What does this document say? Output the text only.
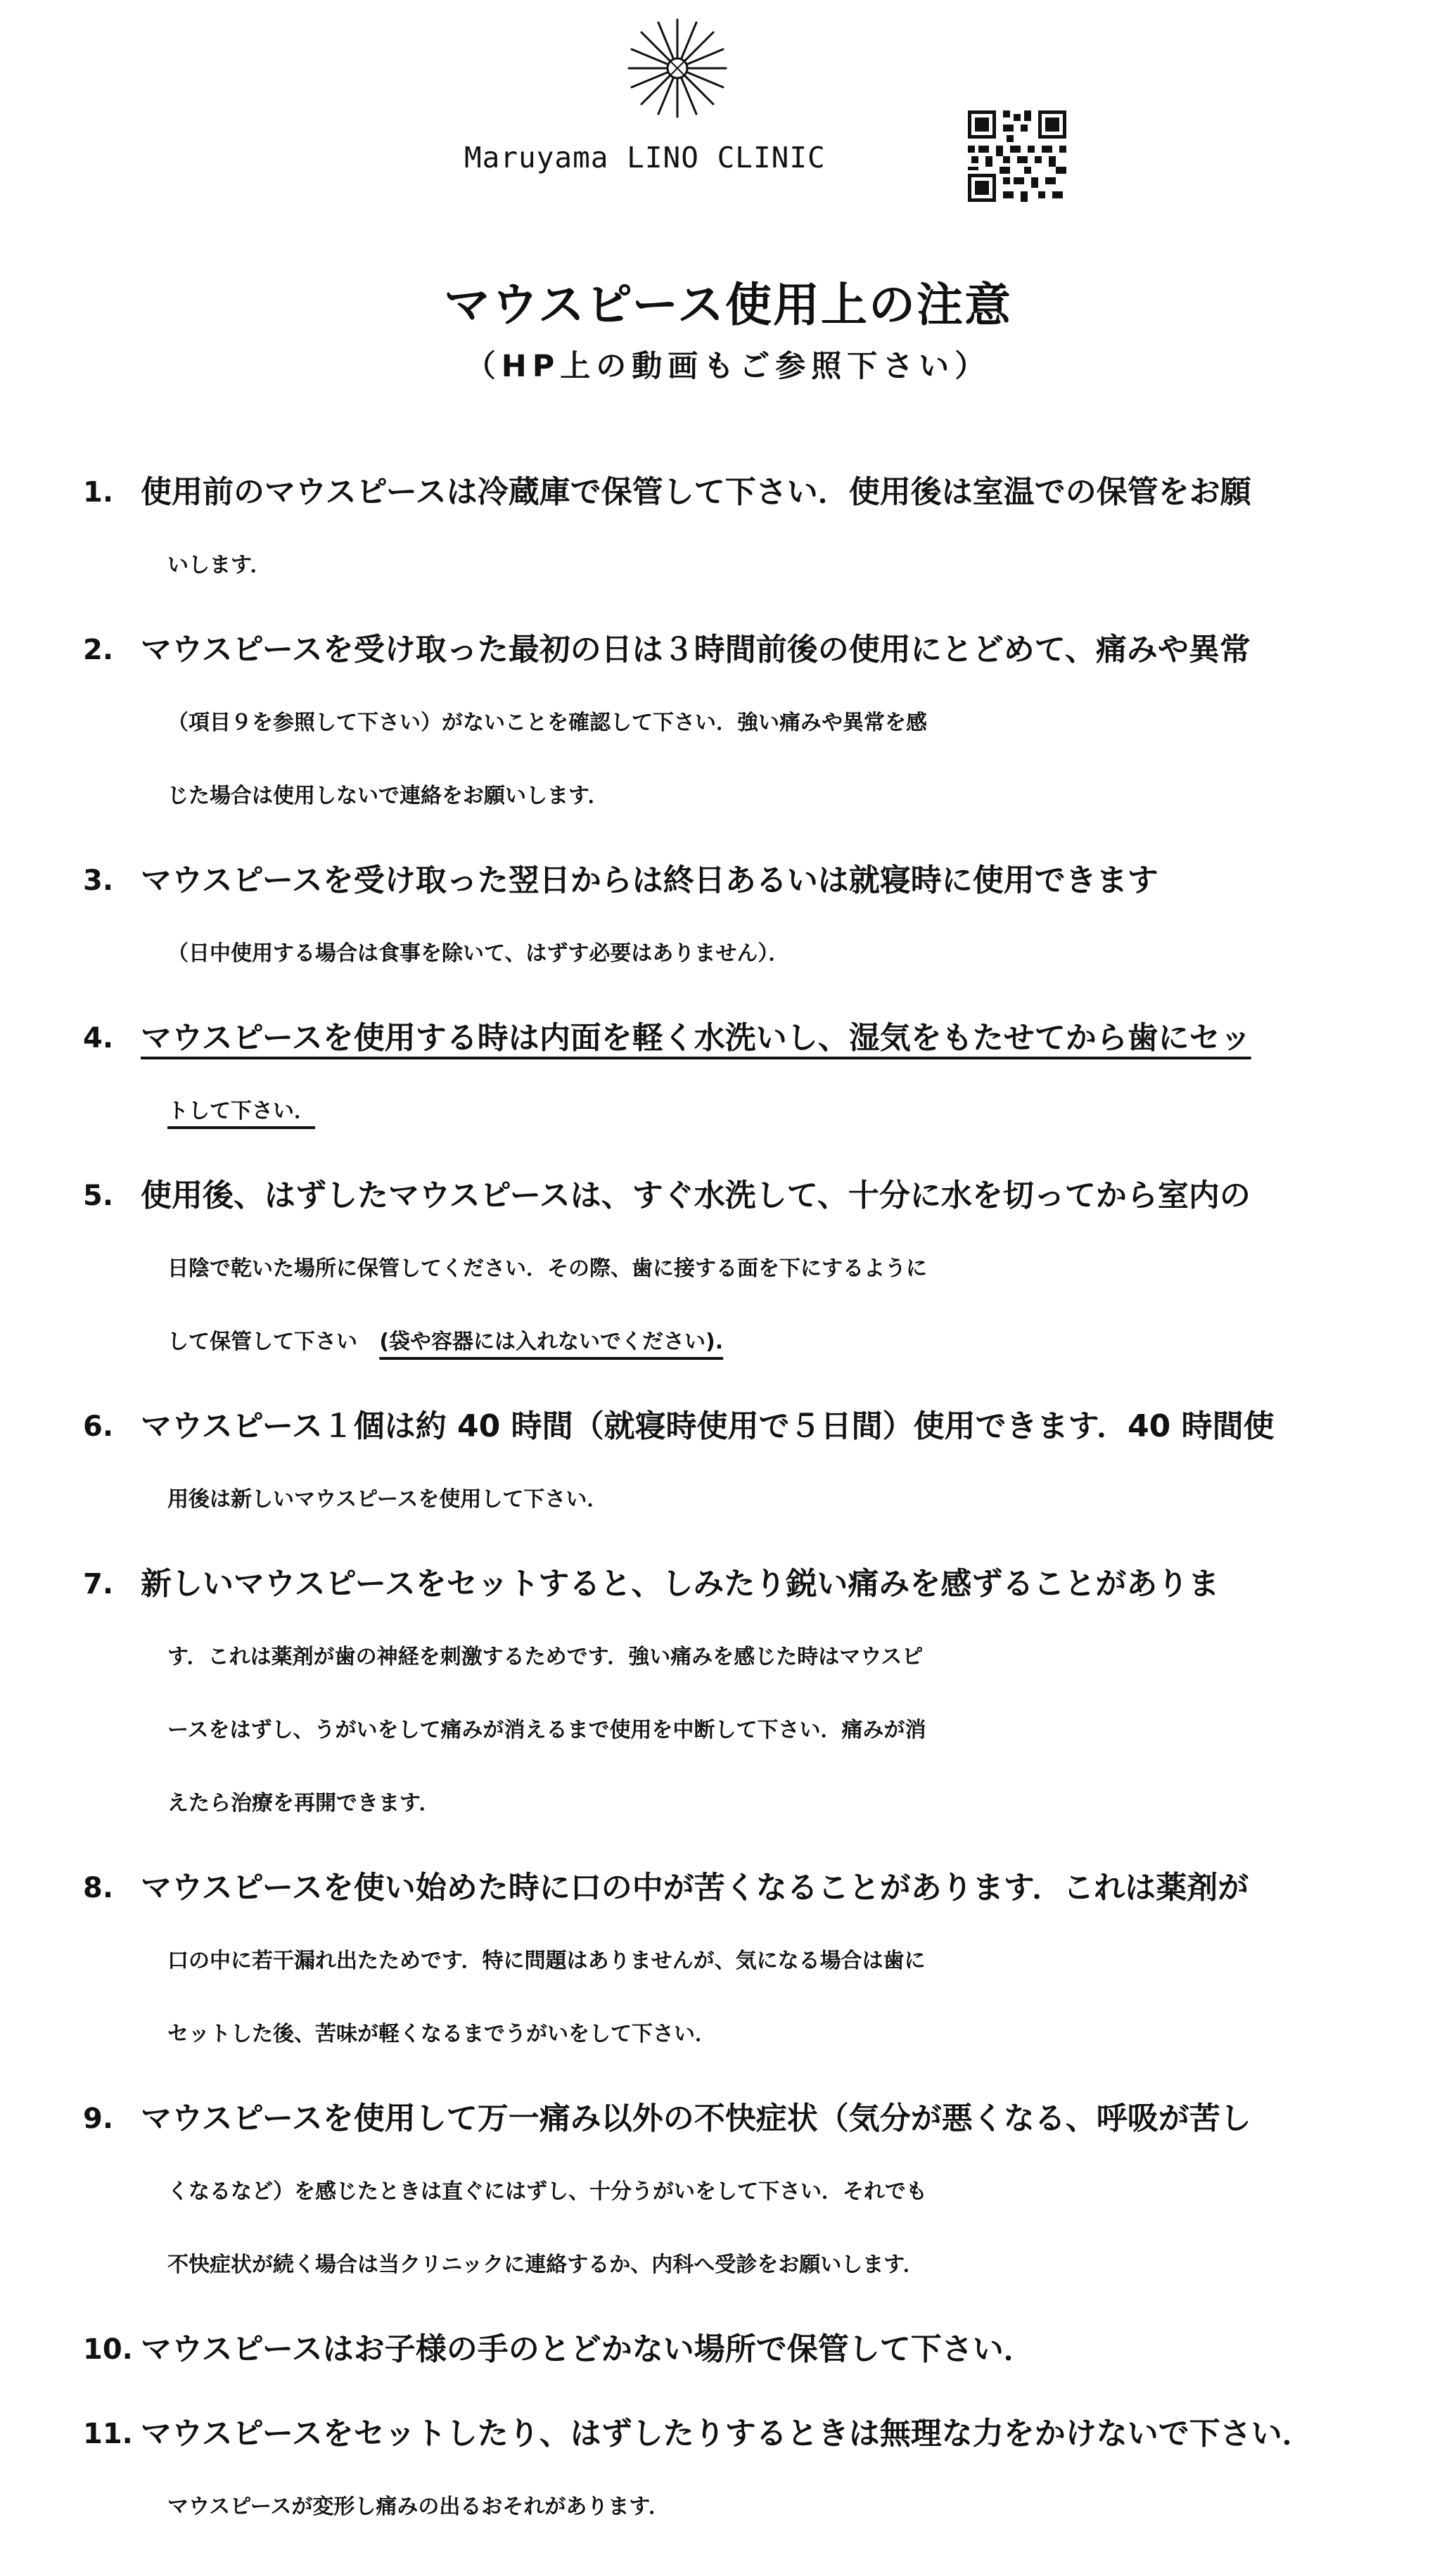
Maruyama LINO CLINIC
マウスピース使用上の注意
（HP上の動画もご参照下さい）
1. 使用前のマウスピースは冷蔵庫で保管して下さい．使用後は室温での保管をお願
いします．
2. マウスピースを受け取った最初の日は３時間前後の使用にとどめて、痛みや異常
（項目９を参照して下さい）がないことを確認して下さい．強い痛みや異常を感
じた場合は使用しないで連絡をお願いします．
3. マウスピースを受け取った翌日からは終日あるいは就寝時に使用できます
（日中使用する場合は食事を除いて、はずす必要はありません）．
4. マウスピースを使用する時は内面を軽く水洗いし、湿気をもたせてから歯にセッ
トして下さい．
5. 使用後、はずしたマウスピースは、すぐ水洗して、十分に水を切ってから室内の
日陰で乾いた場所に保管してください．その際、歯に接する面を下にするように
して保管して下さい (袋や容器には入れないでください).
6. マウスピース１個は約 40 時間（就寝時使用で５日間）使用できます．40 時間使
用後は新しいマウスピースを使用して下さい．
7. 新しいマウスピースをセットすると、しみたり鋭い痛みを感ずることがありま
す．これは薬剤が歯の神経を刺激するためです．強い痛みを感じた時はマウスピ
ースをはずし、うがいをして痛みが消えるまで使用を中断して下さい．痛みが消
えたら治療を再開できます．
8. マウスピースを使い始めた時に口の中が苦くなることがあります．これは薬剤が
口の中に若干漏れ出たためです．特に問題はありませんが、気になる場合は歯に
セットした後、苦味が軽くなるまでうがいをして下さい．
9. マウスピースを使用して万一痛み以外の不快症状（気分が悪くなる、呼吸が苦し
くなるなど）を感じたときは直ぐにはずし、十分うがいをして下さい．それでも
不快症状が続く場合は当クリニックに連絡するか、内科へ受診をお願いします．
10. マウスピースはお子様の手のとどかない場所で保管して下さい．
11. マウスピースをセットしたり、はずしたりするときは無理な力をかけないで下さい．
マウスピースが変形し痛みの出るおそれがあります．
